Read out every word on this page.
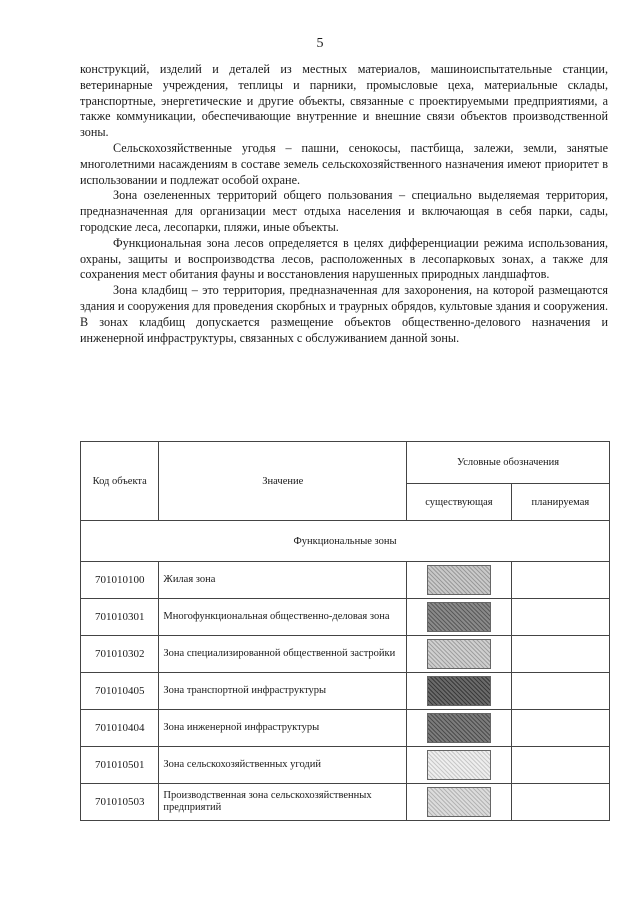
5

конструкций, изделий и деталей из местных материалов, машиноиспытательные станции, ветеринарные учреждения, теплицы и парники, промысловые цеха, материальные склады, транспортные, энергетические и другие объекты, связанные с проектируемыми предприятиями, а также коммуникации, обеспечивающие внутренние и внешние связи объектов производственной зоны.

Сельскохозяйственные угодья – пашни, сенокосы, пастбища, залежи, земли, занятые многолетними насаждениям в составе земель сельскохозяйственного назначения имеют приоритет в использовании и подлежат особой охране.

Зона озелененных территорий общего пользования – специально выделяемая территория, предназначенная для организации мест отдыха населения и включающая в себя парки, сады, городские леса, лесопарки, пляжи, иные объекты.

Функциональная зона лесов определяется в целях дифференциации режима использования, охраны, защиты и воспроизводства лесов, расположенных в лесопарковых зонах, а также для сохранения мест обитания фауны и восстановления нарушенных природных ландшафтов.

Зона кладбищ – это территория, предназначенная для захоронения, на которой размещаются здания и сооружения для проведения скорбных и траурных обрядов, культовые здания и сооружения. В зонах кладбищ допускается размещение объектов общественно-делового назначения и инженерной инфраструктуры, связанных с обслуживанием данной зоны.

Код объекта	Значение	Условные обозначения	
		существующая	планируемая
Функциональные зоны			
701010100	Жилая зона	

701010301	Многофункциональная общественно-деловая зона	

701010302	Зона специализированной общественной застройки	

701010405	Зона транспортной инфраструктуры	

701010404	Зона инженерной инфраструктуры	

701010501	Зона сельскохозяйственных угодий	

701010503	Производственная зона сельскохозяйственных предприятий	
